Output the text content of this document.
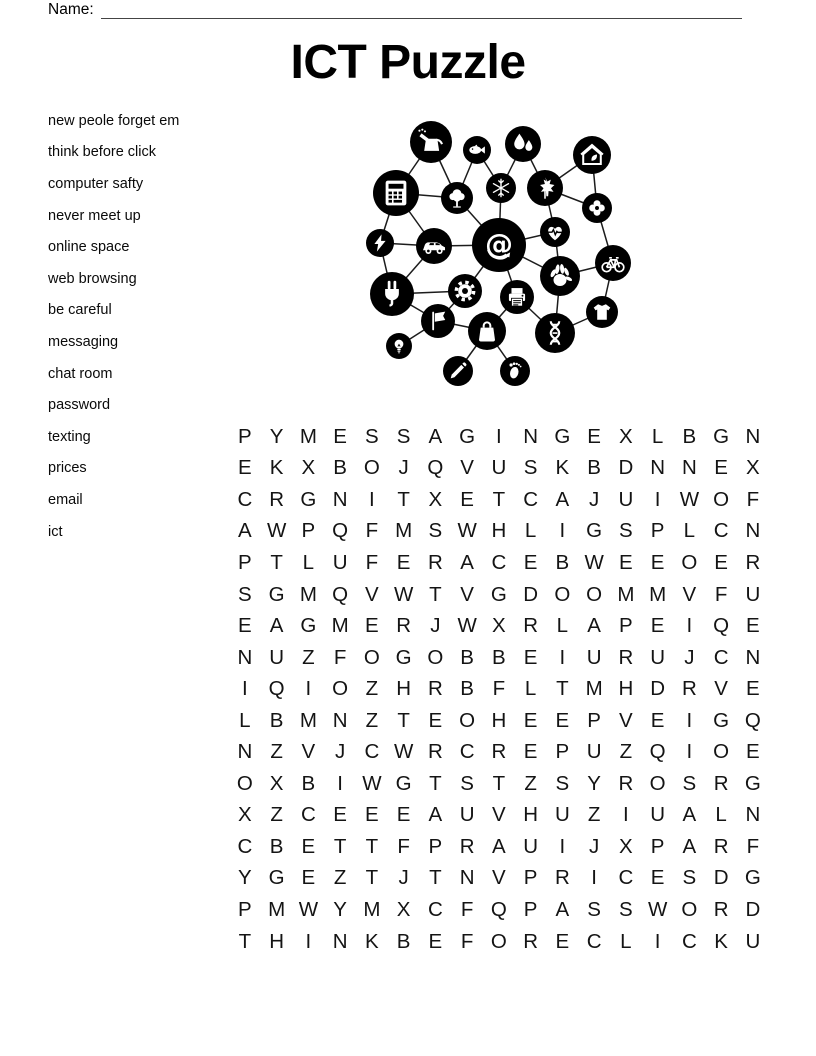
Name:
ICT Puzzle
new peole forget em
think before click
computer safty
never meet up
online space
web browsing
be careful
messaging
chat room
password
texting
prices
email
ict
P Y M E S S A G	I	N G E X L B G N
E K X B O J Q V U S K B D N N E X
C R G N	I	T X E T C A J U	I W O F
A W P Q F M S W H L	I	G S P L C N
P T L U F E R A C E B W E E O E R
S G M Q V W T V G D O O M M V F U
E A G M E R J W X R L A P E	I	Q E
N U Z F O G O B B E	I	U R U J C N
I	Q	I	O Z H R B F L T M H D R V E
L B M N Z T E O H E E P V E	I	G Q
N Z V J C W R C R E P U Z Q	I	O E
O X B	I W G T S T Z S Y R O S R G
X Z C E E E A U V H U Z	I	U A L N
C B E T T F P R A U	I	J X P A R F
Y G E Z T J T N V P R	I	C E S D G
P M W Y M X C F Q P A S S W O R D
T H	I	N K B E F O R E C L	I	C K U
